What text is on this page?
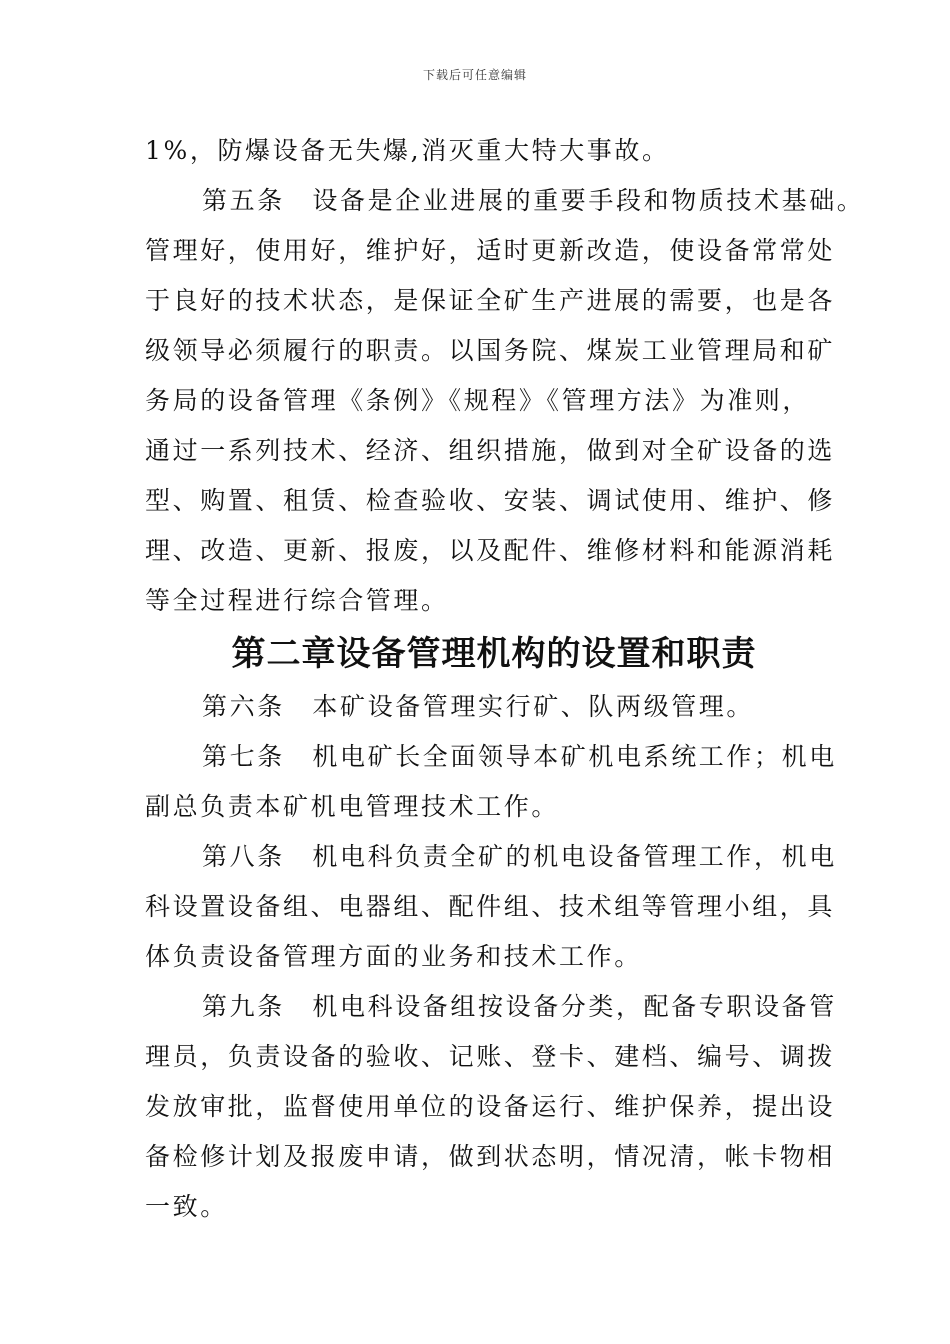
下载后可任意编辑
1%，防爆设备无失爆,消灭重大特大事故。
第五条　设备是企业进展的重要手段和物质技术基础。
管理好，使用好，维护好，适时更新改造，使设备常常处
于良好的技术状态，是保证全矿生产进展的需要，也是各
级领导必须履行的职责。以国务院、煤炭工业管理局和矿
务局的设备管理《条例》《规程》《管理方法》为准则，
通过一系列技术、经济、组织措施，做到对全矿设备的选
型、购置、租赁、检查验收、安装、调试使用、维护、修
理、改造、更新、报废，以及配件、维修材料和能源消耗
等全过程进行综合管理。
第二章设备管理机构的设置和职责
第六条　本矿设备管理实行矿、队两级管理。
第七条　机电矿长全面领导本矿机电系统工作；机电
副总负责本矿机电管理技术工作。
第八条　机电科负责全矿的机电设备管理工作，机电
科设置设备组、电器组、配件组、技术组等管理小组，具
体负责设备管理方面的业务和技术工作。
第九条　机电科设备组按设备分类，配备专职设备管
理员，负责设备的验收、记账、登卡、建档、编号、调拨
发放审批，监督使用单位的设备运行、维护保养，提出设
备检修计划及报废申请，做到状态明，情况清，帐卡物相
一致。
